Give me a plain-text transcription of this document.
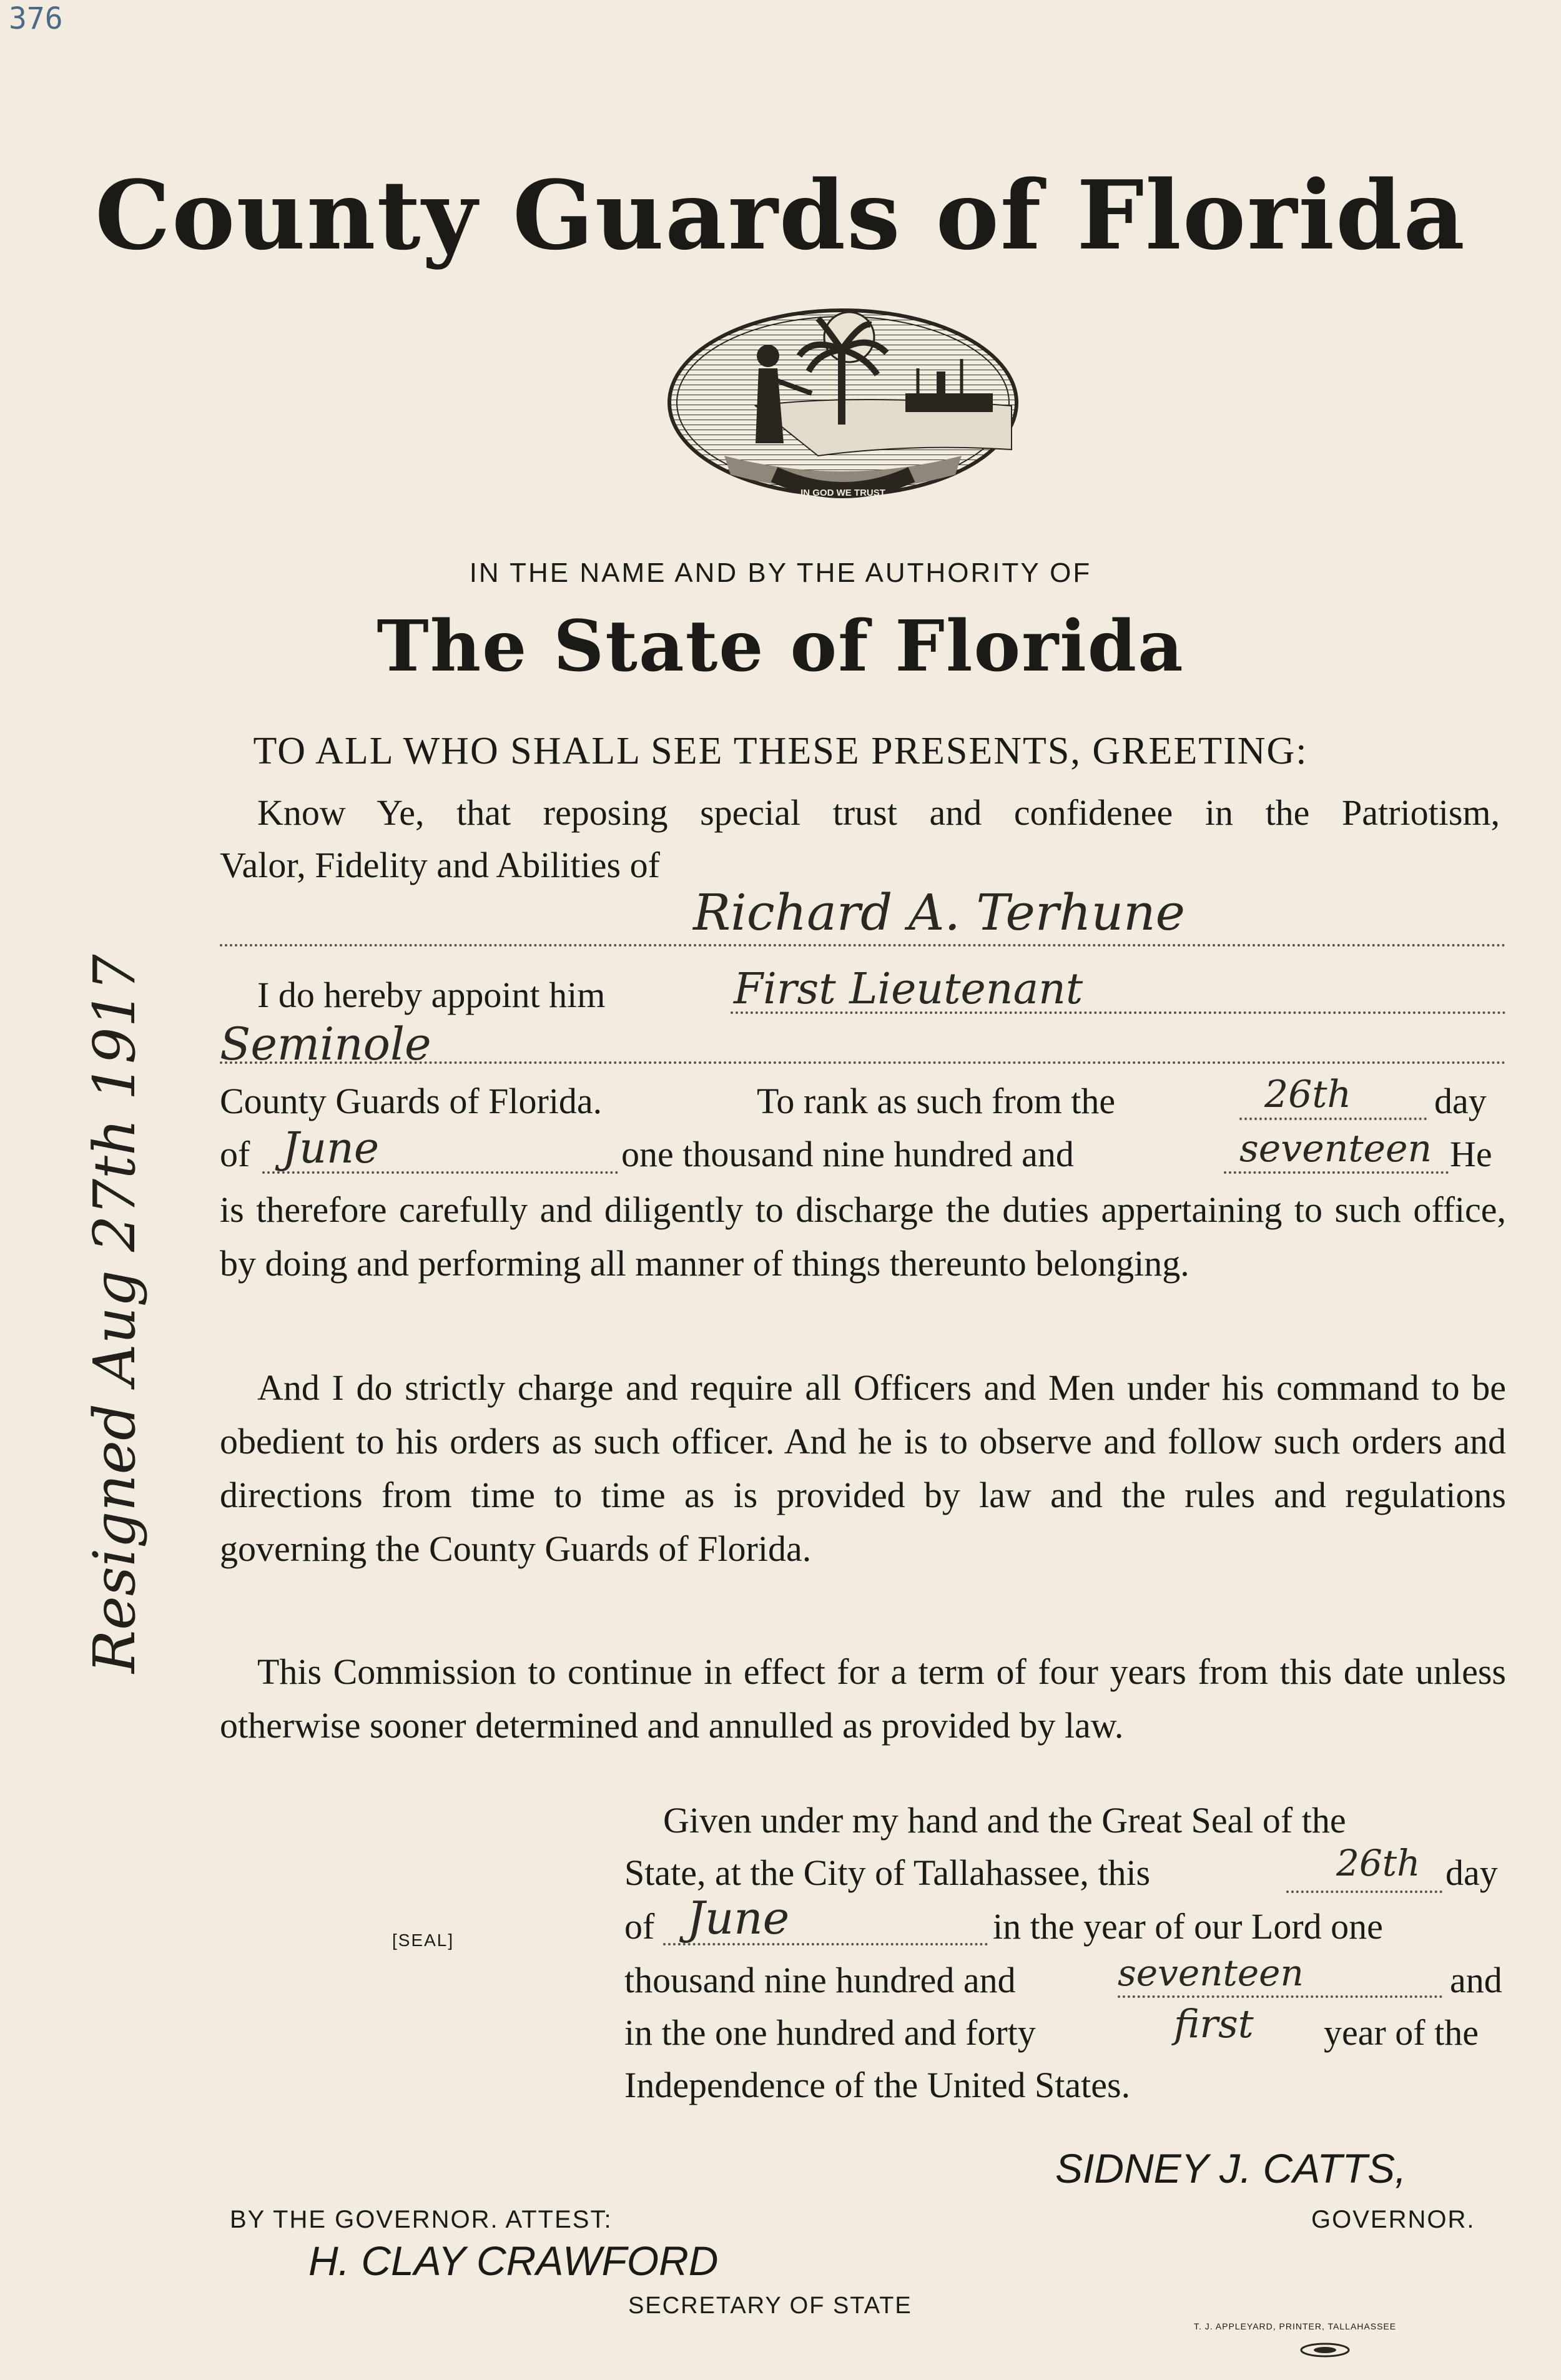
376
Resigned Aug 27th 1917
County Guards of Florida
IN GOD WE TRUST
IN THE NAME AND BY THE AUTHORITY OF
The State of Florida
TO ALL WHO SHALL SEE THESE PRESENTS, GREETING:
Know Ye, that reposing special trust and confidenee in the Patriotism,
Valor, Fidelity and Abilities of
Richard A. Terhune
I do hereby appoint him	First Lieutenant
Seminole
County Guards of Florida.	To rank as such from the	26th day
of June	one thousand nine hundred and	seventeen He

is therefore carefully and diligently to discharge the duties appertaining to such office, by doing and performing all manner of things thereunto belonging.

And I do strictly charge and require all Officers and Men under his command to be obedient to his orders as such officer. And he is to observe and follow such orders and directions from time to time as is provided by law and the rules and regulations governing the County Guards of Florida.

This Commission to continue in effect for a term of four years from this date unless otherwise sooner determined and annulled as provided by law.

Given under my hand and the Great Seal of the
State, at the City of Tallahassee, this	26th day
of June	in the year of our Lord one
thousand nine hundred and	seventeen	and
in the one hundred and forty	first year of the
Independence of the United States.
[SEAL]
SIDNEY J. CATTS,
GOVERNOR.
BY THE GOVERNOR. ATTEST:
H. CLAY CRAWFORD
SECRETARY OF STATE
T. J. APPLEYARD, PRINTER, TALLAHASSEE
